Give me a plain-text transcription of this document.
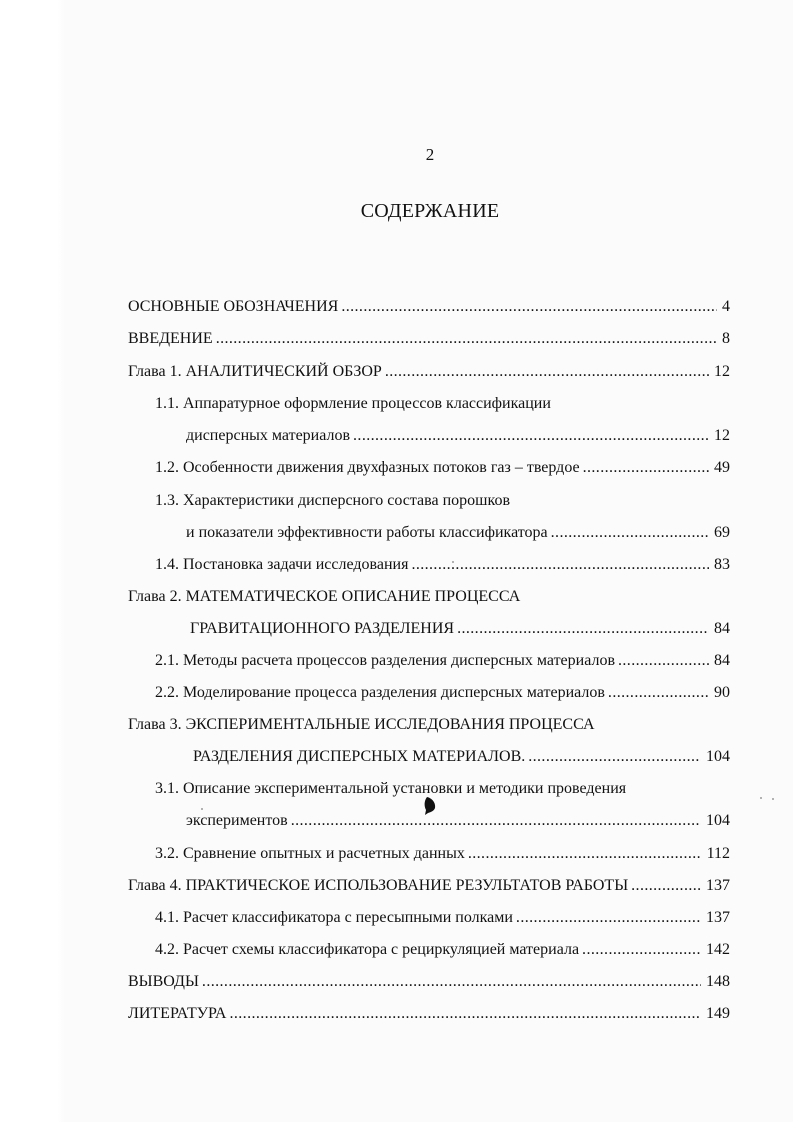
2
СОДЕРЖАНИЕ
ОСНОВНЫЕ ОБОЗНАЧЕНИЯ .....	4
ВВЕДЕНИЕ .....	8
Глава 1. АНАЛИТИЧЕСКИЙ ОБЗОР .....	12
1.1. Аппаратурное оформление процессов классификации
дисперсных материалов .....	12
1.2. Особенности движения двухфазных потоков газ – твердое .....	49
1.3. Характеристики дисперсного состава порошков
и показатели эффективности работы классификатора .....	69
1.4. Постановка задачи исследования .....	83
Глава 2. МАТЕМАТИЧЕСКОЕ ОПИСАНИЕ ПРОЦЕССА
ГРАВИТАЦИОННОГО РАЗДЕЛЕНИЯ .....	84
2.1. Методы расчета процессов разделения дисперсных материалов .....	84
2.2. Моделирование процесса разделения дисперсных материалов .....	90
Глава 3. ЭКСПЕРИМЕНТАЛЬНЫЕ ИССЛЕДОВАНИЯ ПРОЦЕССА
РАЗДЕЛЕНИЯ ДИСПЕРСНЫХ МАТЕРИАЛОВ. .....	104
3.1. Описание экспериментальной установки и методики проведения
экспериментов .....	104
3.2. Сравнение опытных и расчетных данных .....	112
Глава 4. ПРАКТИЧЕСКОЕ ИСПОЛЬЗОВАНИЕ РЕЗУЛЬТАТОВ РАБОТЫ .....	137
4.1. Расчет классификатора с пересыпными полками .....	137
4.2. Расчет схемы классификатора с рециркуляцией материала .....	142
ВЫВОДЫ .....	148
ЛИТЕРАТУРА .....	149
